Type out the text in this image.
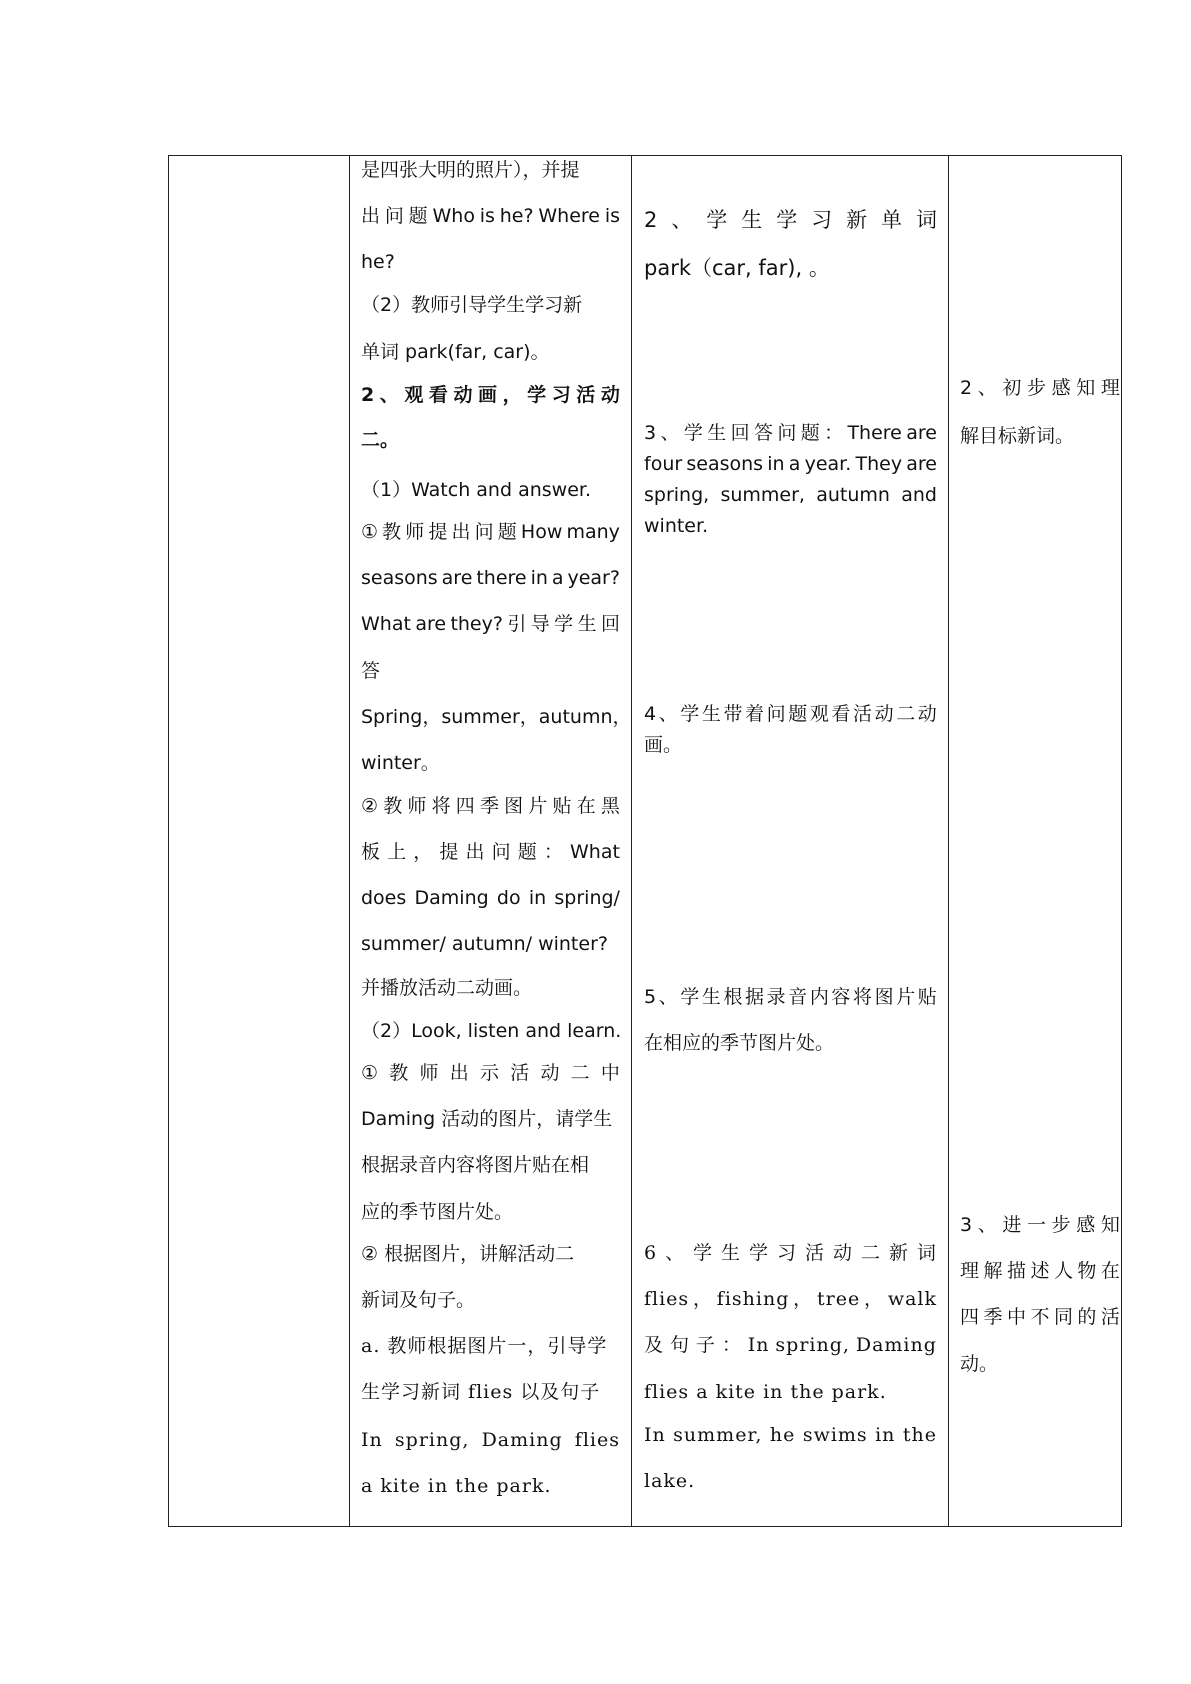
是四张大明的照片），并提
出 问 题 Who is he? Where is
he?
（2）教师引导学生学习新
单词 park(far, car)。
2 、 观 看 动 画 ， 学 习 活 动
二。
（1）Watch and answer.
① 教 师 提 出 问 题 How many
seasons are there in a year?
What are they? 引 导 学 生 回
答
Spring，summer，autumn，
winter。
② 教 师 将 四 季 图 片 贴 在 黑
板 上 ， 提 出 问 题 ： What
does Daming do in spring/
summer/ autumn/ winter?
并播放活动二动画。
（2）Look, listen and learn.
① 教 师 出 示 活 动 二 中
Daming 活动的图片，请学生
根据录音内容将图片贴在相
应的季节图片处。
② 根据图片，讲解活动二
新词及句子。
a. 教师根据图片一，引导学
生学习新词 flies 以及句子
In spring, Daming flies
a kite in the park.
2 、 学 生 学 习 新 单 词
park（car, far), 。
3 、 学 生 回 答 问 题 ： There are
four seasons in a year. They are
spring, summer, autumn and
winter.
4 、 学 生 带 着 问 题 观 看 活 动 二 动
画。
5 、 学 生 根 据 录 音 内 容 将 图 片 贴
在相应的季节图片处。
6 、 学 生 学 习 活 动 二 新 词
flies ， fishing ， tree ， walk
及 句 子 ： In spring, Daming
flies a kite in the park.
In summer, he swims in the
lake.
2 、 初 步 感 知 理
解目标新词。
3 、 进 一 步 感 知
理 解 描 述 人 物 在
四 季 中 不 同 的 活
动。
